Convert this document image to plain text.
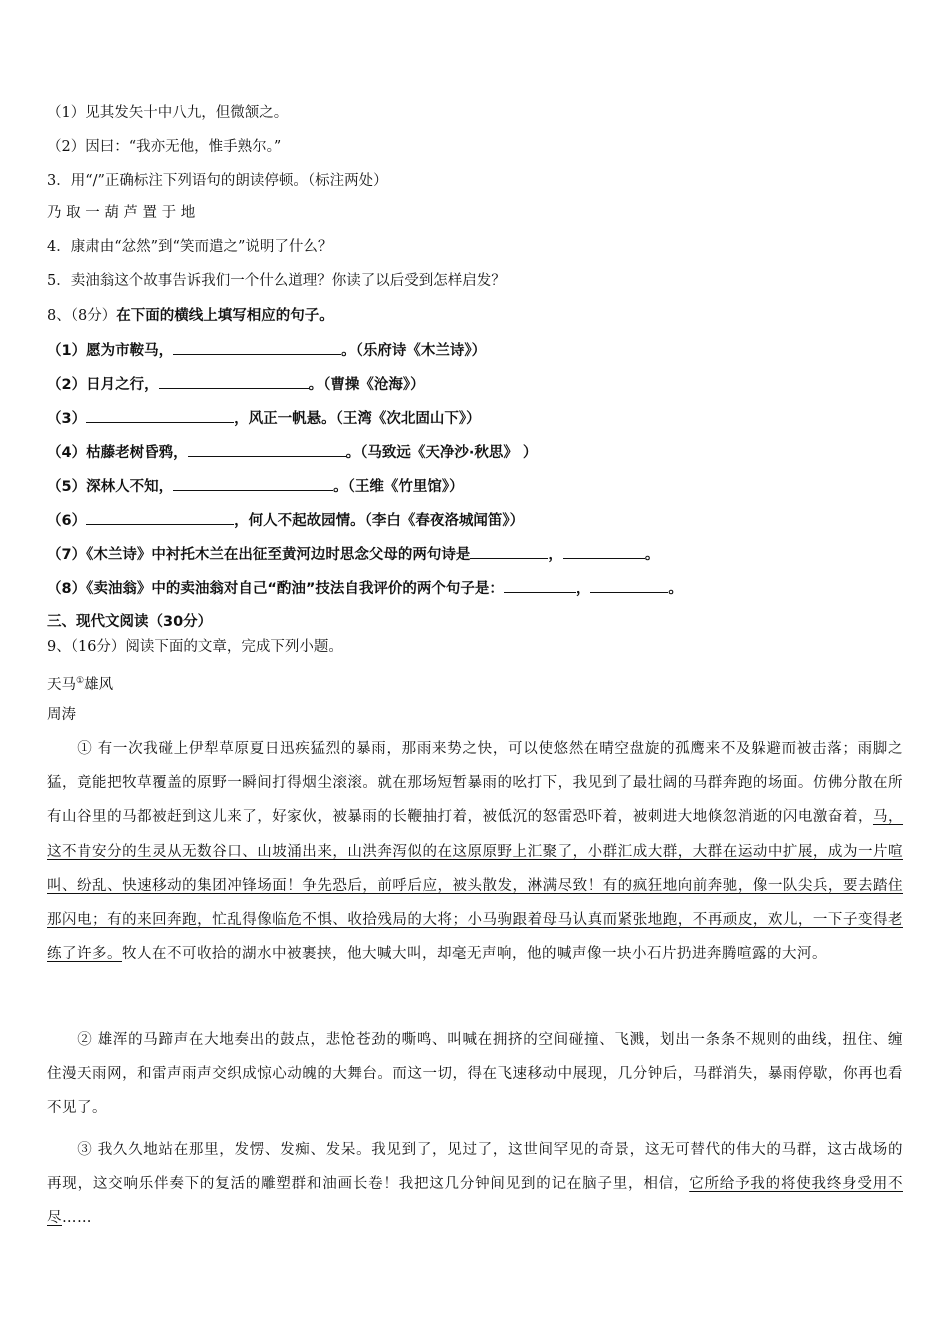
（1）见其发矢十中八九，但微颔之。
（2）因曰：“我亦无他，惟手熟尔。”
3．用“/”正确标注下列语句的朗读停顿。（标注两处）
乃 取 一 葫 芦 置 于 地
4．康肃由“忿然”到“笑而遣之”说明了什么？
5．卖油翁这个故事告诉我们一个什么道理？你读了以后受到怎样启发？
8、（8分）在下面的横线上填写相应的句子。
（1）愿为市鞍马，	。（乐府诗《木兰诗》）
（2）日月之行，	。（曹操《沧海》）
（3）	，风正一帆悬。（王湾《次北固山下》）
（4）枯藤老树昏鸦，	。（马致远《天净沙·秋思》 ）
（5）深林人不知，	。（王维《竹里馆》）
（6）	，何人不起故园情。（李白《春夜洛城闻笛》）
（7）《木兰诗》中衬托木兰在出征至黄河边时思念父母的两句诗是	，	。
（8）《卖油翁》中的卖油翁对自己“酌油”技法自我评价的两个句子是：	，	。
三、现代文阅读（30分）
9、（16分）阅读下面的文章，完成下列小题。
天马①雄风
周涛
① 有一次我碰上伊犁草原夏日迅疾猛烈的暴雨，那雨来势之快，可以使悠然在晴空盘旋的孤鹰来不及躲避而被击落；雨脚之猛，竟能把牧草覆盖的原野一瞬间打得烟尘滚滚。就在那场短暂暴雨的吆打下，我见到了最壮阔的马群奔跑的场面。仿佛分散在所有山谷里的马都被赶到这儿来了，好家伙，被暴雨的长鞭抽打着，被低沉的怒雷恐吓着，被刺进大地倏忽消逝的闪电激奋着，马，这不肯安分的生灵从无数谷口、山坡涌出来，山洪奔泻似的在这原原野上汇聚了，小群汇成大群，大群在运动中扩展，成为一片喧叫、纷乱、快速移动的集团冲锋场面！争先恐后，前呼后应，被头散发，淋满尽致！有的疯狂地向前奔驰，像一队尖兵，要去踏住那闪电；有的来回奔跑，忙乱得像临危不惧、收拾残局的大将；小马驹跟着母马认真而紧张地跑，不再顽皮，欢儿，一下子变得老练了许多。牧人在不可收拾的湖水中被裹挟，他大喊大叫，却毫无声响，他的喊声像一块小石片扔进奔腾喧露的大河。
② 雄浑的马蹄声在大地奏出的鼓点，悲怆苍劲的嘶鸣、叫喊在拥挤的空间碰撞、飞溅，划出一条条不规则的曲线，扭住、缠住漫天雨网，和雷声雨声交织成惊心动魄的大舞台。而这一切，得在飞速移动中展现，几分钟后，马群消失，暴雨停歇，你再也看不见了。
③ 我久久地站在那里，发愣、发痴、发呆。我见到了，见过了，这世间罕见的奇景，这无可替代的伟大的马群，这古战场的再现，这交响乐伴奏下的复活的雕塑群和油画长卷！我把这几分钟间见到的记在脑子里，相信，它所给予我的将使我终身受用不尽……
